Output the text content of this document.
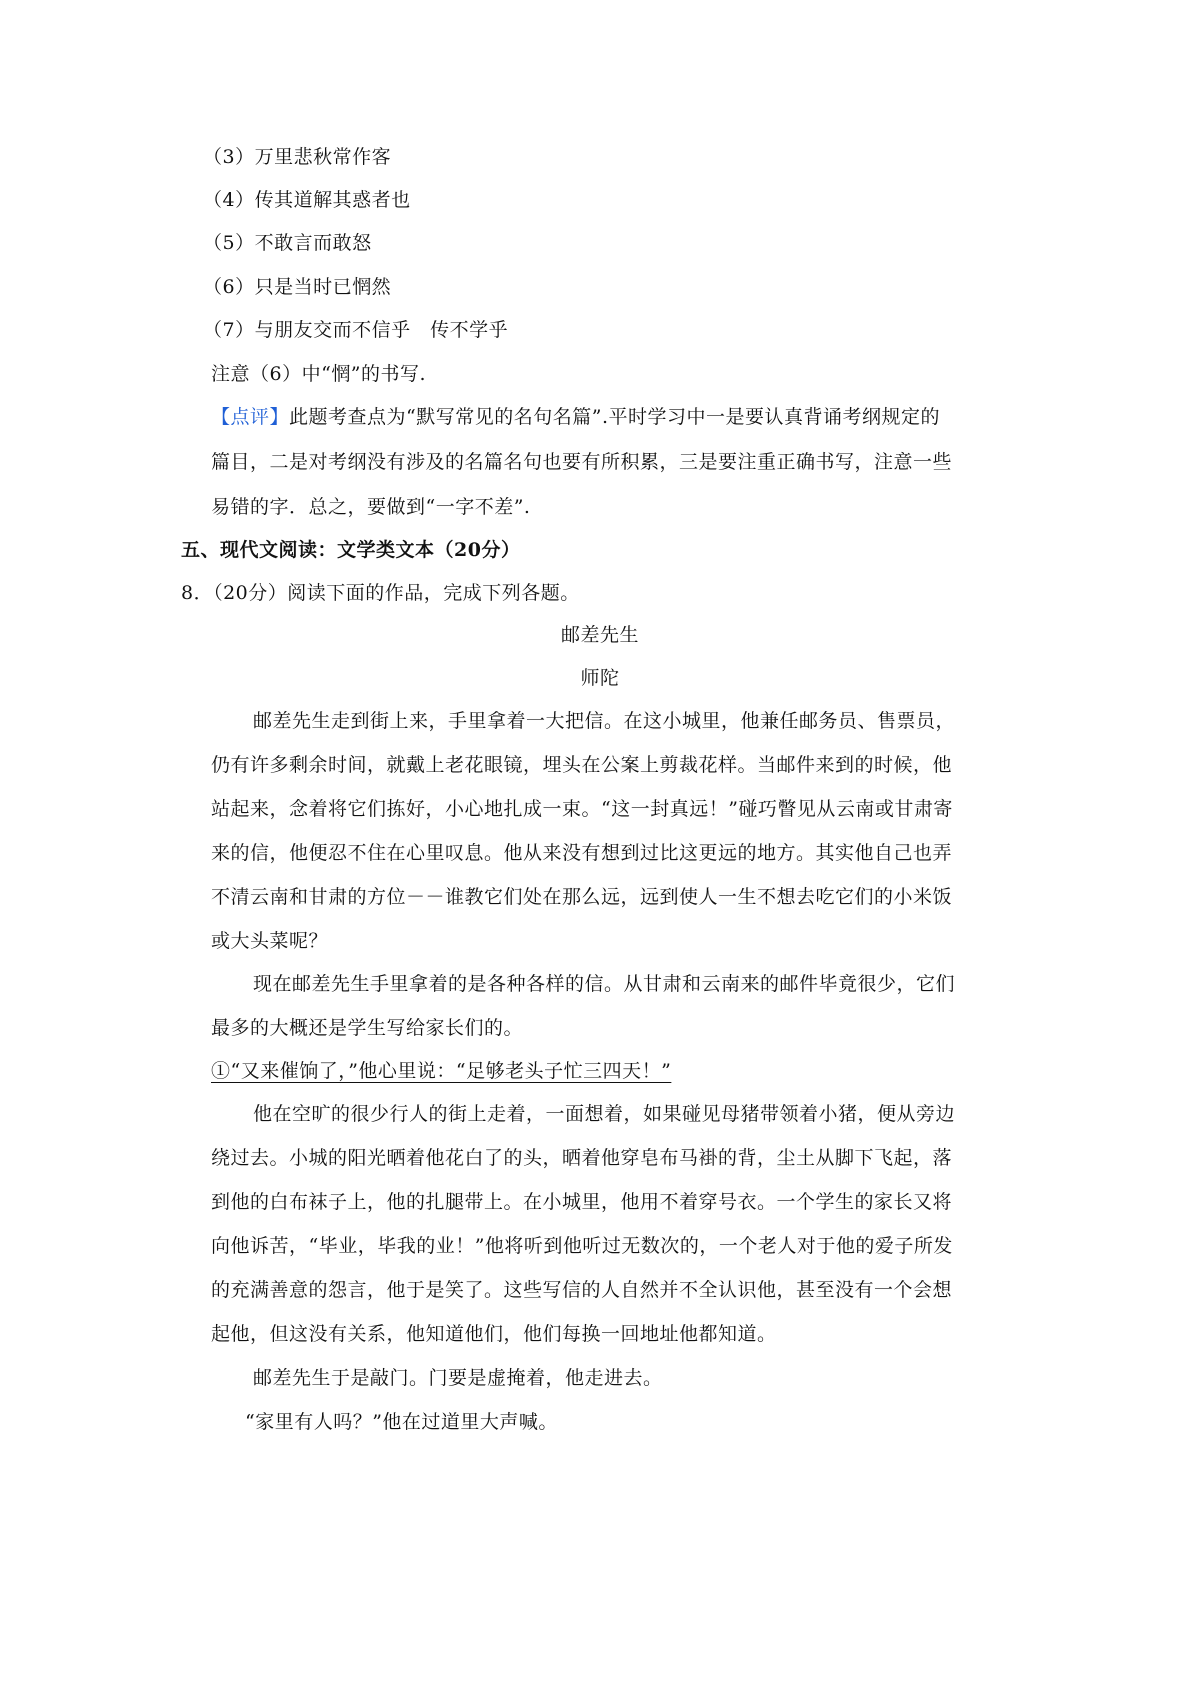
（3）万里悲秋常作客
（4）传其道解其惑者也
（5）不敢言而敢怒
（6）只是当时已惘然
（7）与朋友交而不信乎　传不学乎
注意（6）中“惘”的书写.
【点评】此题考查点为“默写常见的名句名篇”.平时学习中一是要认真背诵考纲规定的
篇目，二是对考纲没有涉及的名篇名句也要有所积累，三是要注重正确书写，注意一些
易错的字．总之，要做到“一字不差”.
五、现代文阅读：文学类文本（20分）
8．（20分）阅读下面的作品，完成下列各题。
邮差先生
师陀
邮差先生走到街上来，手里拿着一大把信。在这小城里，他兼任邮务员、售票员，
仍有许多剩余时间，就戴上老花眼镜，埋头在公案上剪裁花样。当邮件来到的时候，他
站起来，念着将它们拣好，小心地扎成一束。“这一封真远！”碰巧瞥见从云南或甘肃寄
来的信，他便忍不住在心里叹息。他从来没有想到过比这更远的地方。其实他自己也弄
不清云南和甘肃的方位－－谁教它们处在那么远，远到使人一生不想去吃它们的小米饭
或大头菜呢？
现在邮差先生手里拿着的是各种各样的信。从甘肃和云南来的邮件毕竟很少，它们
最多的大概还是学生写给家长们的。
①“又来催饷了，”他心里说：“足够老头子忙三四天！”
他在空旷的很少行人的街上走着，一面想着，如果碰见母猪带领着小猪，便从旁边
绕过去。小城的阳光晒着他花白了的头，晒着他穿皂布马褂的背，尘土从脚下飞起，落
到他的白布袜子上，他的扎腿带上。在小城里，他用不着穿号衣。一个学生的家长又将
向他诉苦，“毕业，毕我的业！”他将听到他听过无数次的，一个老人对于他的爱子所发
的充满善意的怨言，他于是笑了。这些写信的人自然并不全认识他，甚至没有一个会想
起他，但这没有关系，他知道他们，他们每换一回地址他都知道。
邮差先生于是敲门。门要是虚掩着，他走进去。
“家里有人吗？”他在过道里大声喊。
